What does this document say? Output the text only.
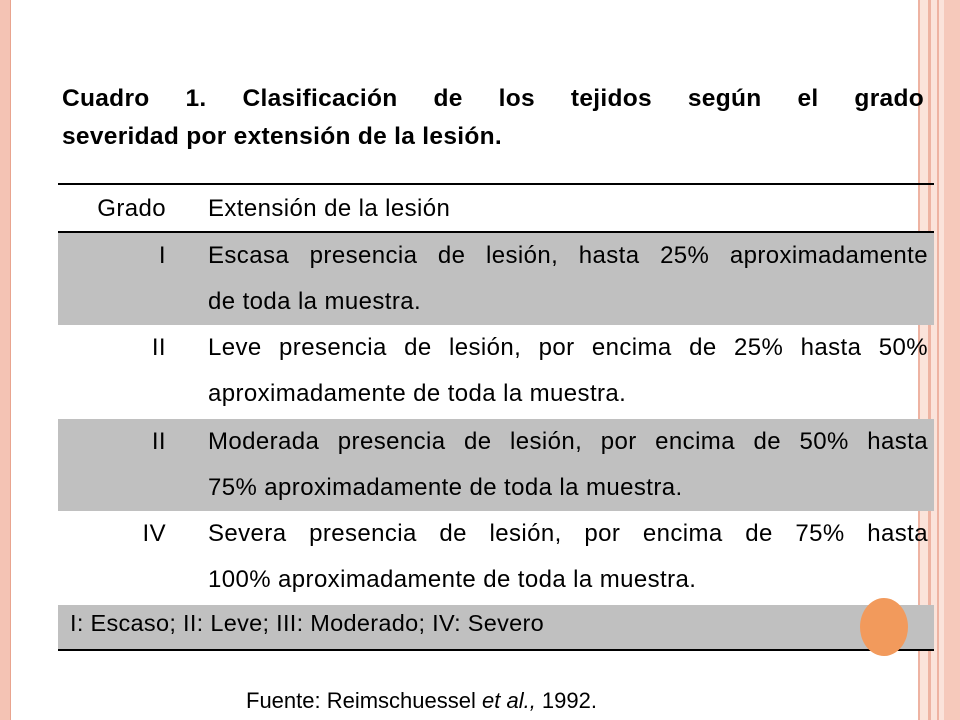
Cuadro 1. Clasificación de los tejidos según el grado
severidad por extensión de la lesión.

Grado Extensión de la lesión
I Escasa presencia de lesión, hasta 25% aproximadamente
de toda la muestra.
II Leve presencia de lesión, por encima de 25% hasta 50%
aproximadamente de toda la muestra.
II Moderada presencia de lesión, por encima de 50% hasta
75% aproximadamente de toda la muestra.
IV Severa presencia de lesión, por encima de 75% hasta
100% aproximadamente de toda la muestra.
I: Escaso; II: Leve; III: Moderado; IV: Severo
Fuente: Reimschuessel et al., 1992.
